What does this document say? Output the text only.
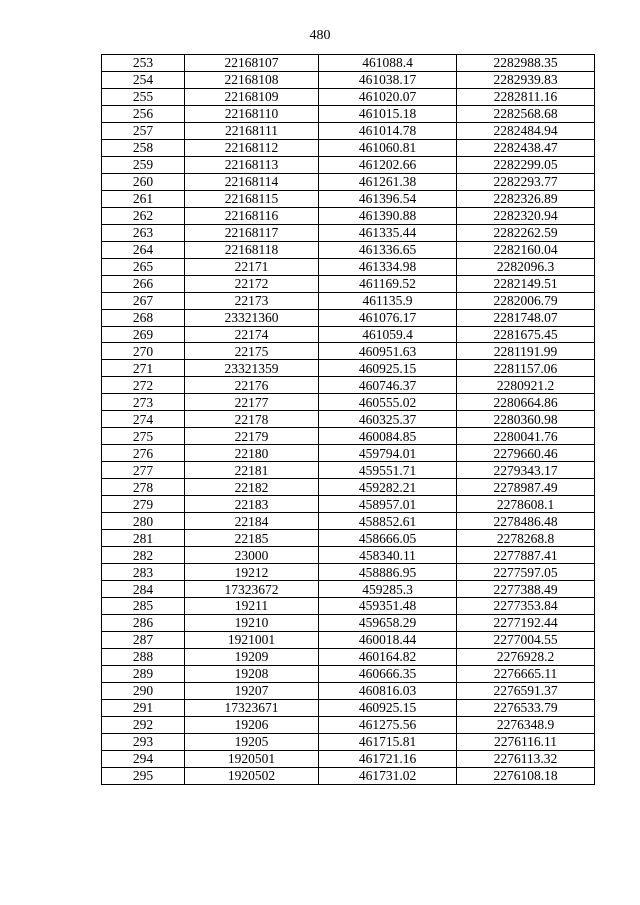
480
253	22168107	461088.4	2282988.35
254	22168108	461038.17	2282939.83
255	22168109	461020.07	2282811.16
256	22168110	461015.18	2282568.68
257	22168111	461014.78	2282484.94
258	22168112	461060.81	2282438.47
259	22168113	461202.66	2282299.05
260	22168114	461261.38	2282293.77
261	22168115	461396.54	2282326.89
262	22168116	461390.88	2282320.94
263	22168117	461335.44	2282262.59
264	22168118	461336.65	2282160.04
265	22171	461334.98	2282096.3
266	22172	461169.52	2282149.51
267	22173	461135.9	2282006.79
268	23321360	461076.17	2281748.07
269	22174	461059.4	2281675.45
270	22175	460951.63	2281191.99
271	23321359	460925.15	2281157.06
272	22176	460746.37	2280921.2
273	22177	460555.02	2280664.86
274	22178	460325.37	2280360.98
275	22179	460084.85	2280041.76
276	22180	459794.01	2279660.46
277	22181	459551.71	2279343.17
278	22182	459282.21	2278987.49
279	22183	458957.01	2278608.1
280	22184	458852.61	2278486.48
281	22185	458666.05	2278268.8
282	23000	458340.11	2277887.41
283	19212	458886.95	2277597.05
284	17323672	459285.3	2277388.49
285	19211	459351.48	2277353.84
286	19210	459658.29	2277192.44
287	1921001	460018.44	2277004.55
288	19209	460164.82	2276928.2
289	19208	460666.35	2276665.11
290	19207	460816.03	2276591.37
291	17323671	460925.15	2276533.79
292	19206	461275.56	2276348.9
293	19205	461715.81	2276116.11
294	1920501	461721.16	2276113.32
295	1920502	461731.02	2276108.18
